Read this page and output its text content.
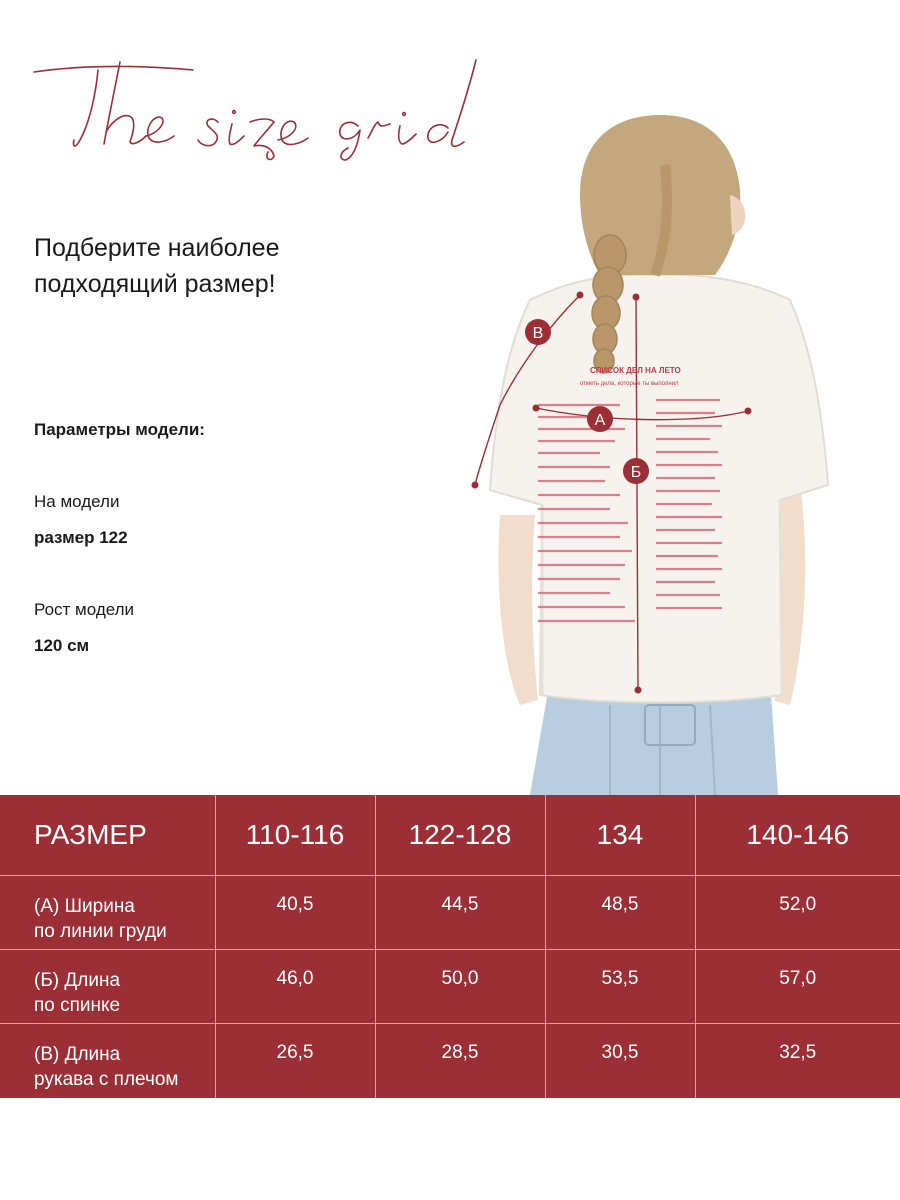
Подберите наиболее
подходящий размер!
Параметры модели:
На модели
размер 122
Рост модели
120 см
СПИСОК ДЕЛ НА ЛЕТО
отметь дела, которые ты выполнил
А
Б
В
РАЗМЕР	110-116	122-128	134	140-146

(А) Ширина
по линии груди	40,5	44,5	48,5	52,0

(Б) Длина
по спинке	46,0	50,0	53,5	57,0

(В) Длина
рукава с плечом	26,5	28,5	30,5	32,5
